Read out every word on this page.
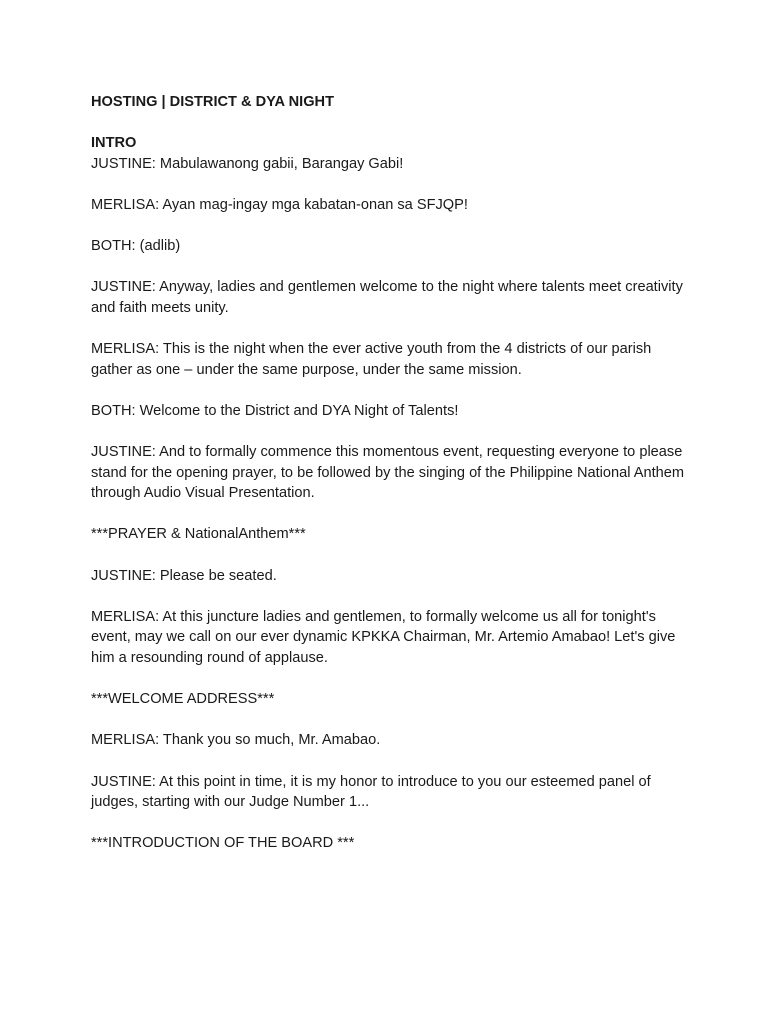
HOSTING | DISTRICT & DYA NIGHT

INTRO

JUSTINE: Mabulawanong gabii, Barangay Gabi!

MERLISA: Ayan mag-ingay mga kabatan-onan sa SFJQP!

BOTH: (adlib)

JUSTINE: Anyway, ladies and gentlemen welcome to the night where talents meet creativity and faith meets unity.

MERLISA: This is the night when the ever active youth from the 4 districts of our parish gather as one – under the same purpose, under the same mission.

BOTH: Welcome to the District and DYA Night of Talents!

JUSTINE: And to formally commence this momentous event, requesting everyone to please stand for the opening prayer, to be followed by the singing of the Philippine National Anthem through Audio Visual Presentation.

***PRAYER & NationalAnthem***

JUSTINE: Please be seated.

MERLISA: At this juncture ladies and gentlemen, to formally welcome us all for tonight's event, may we call on our ever dynamic KPKKA Chairman, Mr. Artemio Amabao! Let's give him a resounding round of applause.

***WELCOME ADDRESS***

MERLISA: Thank you so much, Mr. Amabao.

JUSTINE: At this point in time, it is my honor to introduce to you our esteemed panel of judges, starting with our Judge Number 1...

***INTRODUCTION OF THE BOARD ***
